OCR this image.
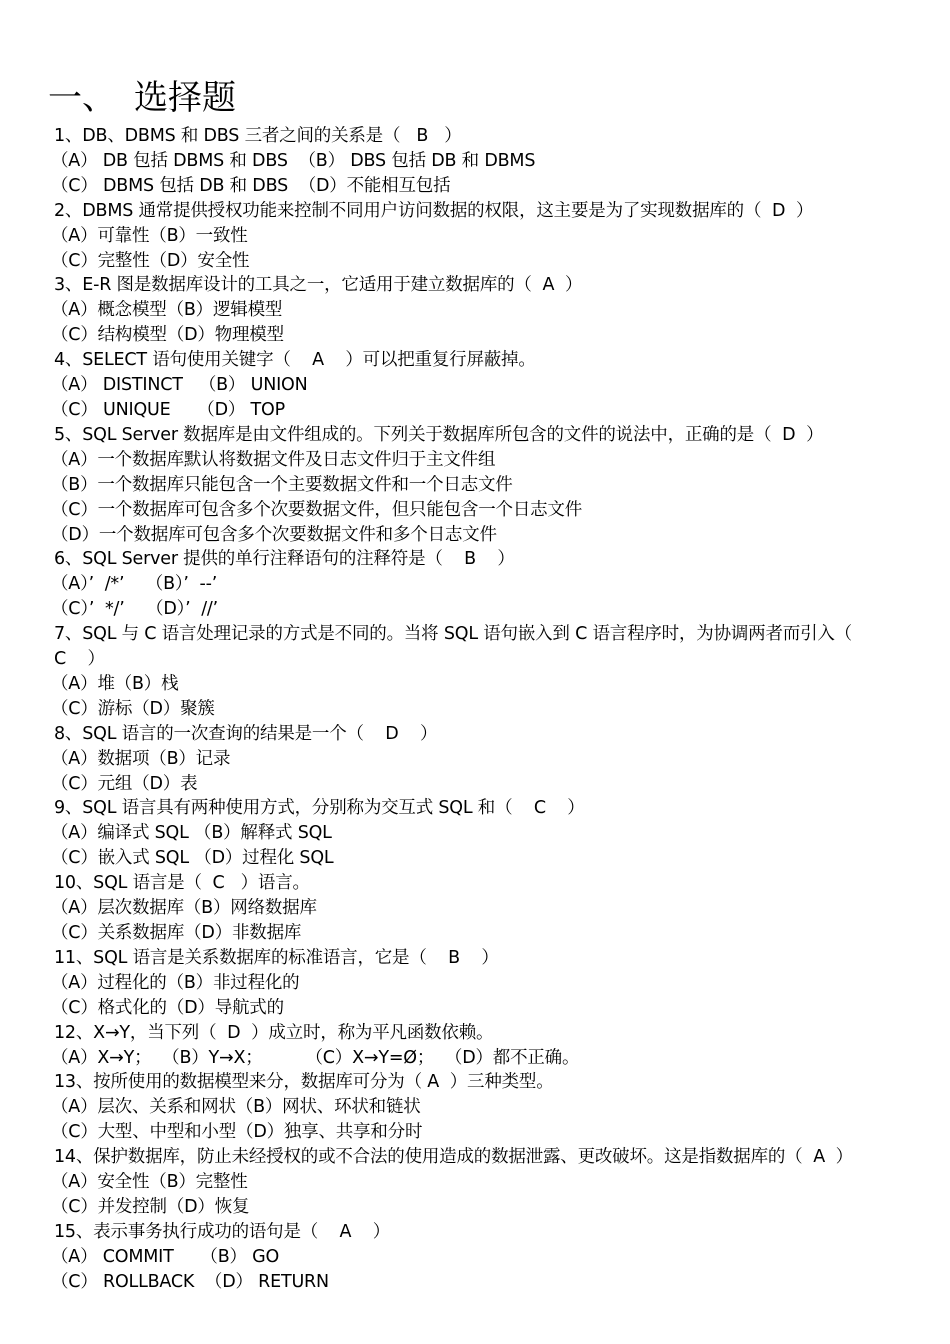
一、 选择题
1、DB、DBMS 和 DBS 三者之间的关系是（   B   ）
（A） DB 包括 DBMS 和 DBS  （B） DBS 包括 DB 和 DBMS
（C） DBMS 包括 DB 和 DBS  （D）不能相互包括
2、DBMS 通常提供授权功能来控制不同用户访问数据的权限，这主要是为了实现数据库的（  D  ）
（A）可靠性（B）一致性
（C）完整性（D）安全性
3、E-R 图是数据库设计的工具之一，它适用于建立数据库的（  A  ）
（A）概念模型（B）逻辑模型
（C）结构模型（D）物理模型
4、SELECT 语句使用关键字（    A    ）可以把重复行屏蔽掉。
（A） DISTINCT   （B） UNION
（C） UNIQUE     （D） TOP
5、SQL Server 数据库是由文件组成的。下列关于数据库所包含的文件的说法中，正确的是（  D  ）
（A）一个数据库默认将数据文件及日志文件归于主文件组
（B）一个数据库只能包含一个主要数据文件和一个日志文件
（C）一个数据库可包含多个次要数据文件，但只能包含一个日志文件
（D）一个数据库可包含多个次要数据文件和多个日志文件
6、SQL Server 提供的单行注释语句的注释符是（    B    ）
（A）’  /*’    （B）’  --’
（C）’  */’    （D）’  //’
7、SQL 与 C 语言处理记录的方式是不同的。当将 SQL 语句嵌入到 C 语言程序时，为协调两者而引入（
C    ）
（A）堆（B）栈
（C）游标（D）聚簇
8、SQL 语言的一次查询的结果是一个（    D    ）
（A）数据项（B）记录
（C）元组（D）表
9、SQL 语言具有两种使用方式，分别称为交互式 SQL 和（    C    ）
（A）编译式 SQL （B）解释式 SQL
（C）嵌入式 SQL （D）过程化 SQL
10、SQL 语言是（  C   ）语言。
（A）层次数据库（B）网络数据库
（C）关系数据库（D）非数据库
11、SQL 语言是关系数据库的标准语言，它是（    B    ）
（A）过程化的（B）非过程化的
（C）格式化的（D）导航式的
12、X→Y，当下列（  D  ）成立时，称为平凡函数依赖。
（A）X→Y；  （B）Y→X；        （C）X→Y=Ø；  （D）都不正确。
13、按所使用的数据模型来分，数据库可分为（ A  ）三种类型。
（A）层次、关系和网状（B）网状、环状和链状
（C）大型、中型和小型（D）独享、共享和分时
14、保护数据库，防止未经授权的或不合法的使用造成的数据泄露、更改破坏。这是指数据库的（  A  ）
（A）安全性（B）完整性
（C）并发控制（D）恢复
15、表示事务执行成功的语句是（    A    ）
（A） COMMIT     （B） GO
（C） ROLLBACK  （D） RETURN
